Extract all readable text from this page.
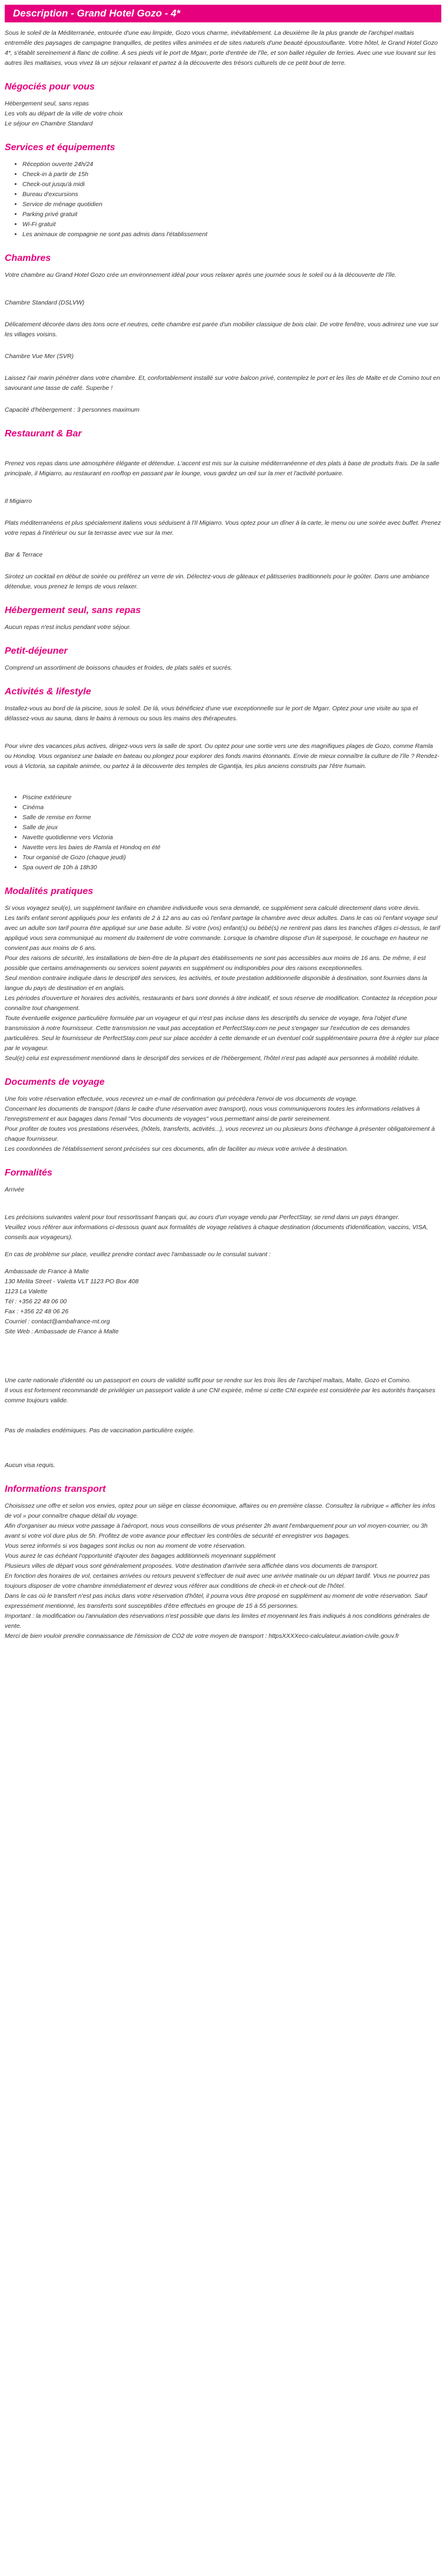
Description - Grand Hotel Gozo - 4*

Sous le soleil de la Méditerranée, entourée d'une eau limpide, Gozo vous charme, inévitablement. La deuxième île la plus grande de l'archipel maltais entremêle des paysages de campagne tranquilles, de petites villes animées et de sites naturels d'une beauté époustouflante. Votre hôtel, le Grand Hotel Gozo 4*, s'établit sereinement à flanc de colline. À ses pieds vit le port de Mgarr, porte d'entrée de l'île, et son ballet régulier de ferries. Avec une vue louvant sur les autres îles maltaises, vous vivez là un séjour relaxant et partez à la découverte des trésors culturels de ce petit bout de terre.

Négociés pour vous
Hébergement seul, sans repas
Les vols au départ de la ville de votre choix
Le séjour en Chambre Standard
Services et équipements
• Réception ouverte 24h/24
• Check-in à partir de 15h
• Check-out jusqu'à midi
• Bureau d'excursions
• Service de ménage quotidien
• Parking privé gratuit
• Wi-Fi gratuit
• Les animaux de compagnie ne sont pas admis dans l'établissement
Chambres

Votre chambre au Grand Hotel Gozo crée un environnement idéal pour vous relaxer après une journée sous le soleil ou à la découverte de l'île.

Chambre Standard (DSLVW)

Délicatement décorée dans des tons ocre et neutres, cette chambre est parée d'un mobilier classique de bois clair. De votre fenêtre, vous admirez une vue sur les villages voisins.

Chambre Vue Mer (SVR)

Laissez l'air marin pénétrer dans votre chambre. Et, confortablement installé sur votre balcon privé, contemplez le port et les îles de Malte et de Comino tout en savourant une tasse de café. Superbe !

Capacité d'hébergement : 3 personnes maximum

Restaurant & Bar

Prenez vos repas dans une atmosphère élégante et détendue. L'accent est mis sur la cuisine méditerranéenne et des plats à base de produits frais. De la salle principale, il Migiarro, au restaurant en rooftop en passant par le lounge, vous gardez un œil sur la mer et l'activité portuaire.

Il Migiarro

Plats méditerranéens et plus spécialement italiens vous séduisent à l'Il Migiarro. Vous optez pour un dîner à la carte, le menu ou une soirée avec buffet. Prenez votre repas à l'intérieur ou sur la terrasse avec vue sur la mer.

Bar & Terrace

Sirotez un cocktail en début de soirée ou préférez un verre de vin. Délectez-vous de gâteaux et pâtisseries traditionnels pour le goûter. Dans une ambiance détendue, vous prenez le temps de vous relaxer.

Hébergement seul, sans repas

Aucun repas n'est inclus pendant votre séjour.

Petit-déjeuner

Comprend un assortiment de boissons chaudes et froides, de plats salés et sucrés.

Activités & lifestyle

Installez-vous au bord de la piscine, sous le soleil. De là, vous bénéficiez d'une vue exceptionnelle sur le port de Mgarr. Optez pour une visite au spa et délassez-vous au sauna, dans le bains à remous ou sous les mains des thérapeutes.

Pour vivre des vacances plus actives, dirigez-vous vers la salle de sport. Ou optez pour une sortie vers une des magnifiques plages de Gozo, comme Ramla ou Hondoq. Vous organisez une balade en bateau ou plongez pour explorer des fonds marins étonnants. Envie de mieux connaître la culture de l'île ? Rendez-vous à Victoria, sa capitale animée, ou partez à la découverte des temples de Ggantija, les plus anciens construits par l'être humain.

• Piscine extérieure
• Cinéma
• Salle de remise en forme
• Salle de jeux
• Navette quotidienne vers Victoria
• Navette vers les baies de Ramla et Hondoq en été
• Tour organisé de Gozo (chaque jeudi)
• Spa ouvert de 10h à 18h30
Modalités pratiques
Si vous voyagez seul(e), un supplément tarifaire en chambre individuelle vous sera demandé, ce supplément sera calculé directement dans votre devis.
Les tarifs enfant seront appliqués pour les enfants de 2 à 12 ans au cas où l'enfant partage la chambre avec deux adultes. Dans le cas où l'enfant voyage seul avec un adulte son tarif pourra être appliqué sur une base adulte. Si votre (vos) enfant(s) ou bébé(s) ne rentrent pas dans les tranches d'âges ci-dessus, le tarif appliqué vous sera communiqué au moment du traitement de votre commande. Lorsque la chambre dispose d'un lit superposé, le couchage en hauteur ne convient pas aux moins de 6 ans.
Pour des raisons de sécurité, les installations de bien-être de la plupart des établissements ne sont pas accessibles aux moins de 16 ans. De même, il est possible que certains aménagements ou services soient payants en supplément ou indisponibles pour des raisons exceptionnelles.
Seul mention contraire indiquée dans le descriptif des services, les activités, et toute prestation additionnelle disponible à destination, sont fournies dans la langue du pays de destination et en anglais.
Les périodes d'ouverture et horaires des activités, restaurants et bars sont donnés à titre indicatif, et sous réserve de modification. Contactez la réception pour connaître tout changement.
Toute éventuelle exigence particulière formulée par un voyageur et qui n'est pas incluse dans les descriptifs du service de voyage, fera l'objet d'une transmission à notre fournisseur. Cette transmission ne vaut pas acceptation et PerfectStay.com ne peut s'engager sur l'exécution de ces demandes particulières. Seul le fournisseur de PerfectStay.com peut sur place accéder à cette demande et un éventuel coût supplémentaire pourra être à régler sur place par le voyageur.
Seul(e) celui est expressément mentionné dans le descriptif des services et de l'hébergement, l'hôtel n'est pas adapté aux personnes à mobilité réduite.
Documents de voyage
Une fois votre réservation effectuée, vous recevrez un e-mail de confirmation qui précèdera l'envoi de vos documents de voyage.
Concernant les documents de transport (dans le cadre d'une réservation avec transport), nous vous communiquerons toutes les informations relatives à l'enregistrement et aux bagages dans l'email "Vos documents de voyages" vous permettant ainsi de partir sereinement.
Pour profiter de toutes vos prestations réservées, (hôtels, transferts, activités...), vous recevrez un ou plusieurs bons d'échange à présenter obligatoirement à chaque fournisseur.
Les coordonnées de l'établissement seront précisées sur ces documents, afin de faciliter au mieux votre arrivée à destination.
Formalités

Arrivée

Les précisions suivantes valent pour tout ressortissant français qui, au cours d'un voyage vendu par PerfectStay, se rend dans un pays étranger.
Veuillez vous référer aux informations ci-dessous quant aux formalités de voyage relatives à chaque destination (documents d'identification, vaccins, VISA, conseils aux voyageurs).
En cas de problème sur place, veuillez prendre contact avec l'ambassade ou le consulat suivant :
Ambassade de France à Malte
130 Melita Street - Valetta VLT 1123 PO Box 408
1123 La Valette
Tél : +356 22 48 06 00
Fax : +356 22 48 06 26
Courriel : contact@ambafrance-mt.org
Site Web : Ambassade de France à Malte
Une carte nationale d'identité ou un passeport en cours de validité suffit pour se rendre sur les trois îles de l'archipel maltais, Malte, Gozo et Comino.
Il vous est fortement recommandé de privilégier un passeport valide à une CNI expirée, même si cette CNI expirée est considérée par les autorités françaises comme toujours valide.

Pas de maladies endémiques. Pas de vaccination particulière exigée.

Aucun visa requis.

Informations transport
Choisissez une offre et selon vos envies, optez pour un siège en classe économique, affaires ou en première classe. Consultez la rubrique « afficher les infos de vol » pour connaître chaque détail du voyage.
Afin d'organiser au mieux votre passage à l'aéroport, nous vous conseillons de vous présenter 2h avant l'embarquement pour un vol moyen-courrier, ou 3h avant si votre vol dure plus de 5h. Profitez de votre avance pour effectuer les contrôles de sécurité et enregistrer vos bagages.
Vous serez informés si vos bagages sont inclus ou non au moment de votre réservation.
Vous aurez le cas échéant l'opportunité d'ajouter des bagages additionnels moyennant supplément
Plusieurs villes de départ vous sont généralement proposées. Votre destination d'arrivée sera affichée dans vos documents de transport.
En fonction des horaires de vol, certaines arrivées ou retours peuvent s'effectuer de nuit avec une arrivée matinale ou un départ tardif. Vous ne pourrez pas toujours disposer de votre chambre immédiatement et devrez vous référer aux conditions de check-in et check-out de l'hôtel.
Dans le cas où le transfert n'est pas inclus dans votre réservation d'hôtel, il pourra vous être proposé en supplément au moment de votre réservation. Sauf expressément mentionné, les transferts sont susceptibles d'être effectués en groupe de 15 à 55 personnes.
Important : la modification ou l'annulation des réservations n'est possible que dans les limites et moyennant les frais indiqués à nos conditions générales de vente.
Merci de bien vouloir prendre connaissance de l'émission de CO2 de votre moyen de transport : httpsXXXXeco-calculateur.aviation-civile.gouv.fr
